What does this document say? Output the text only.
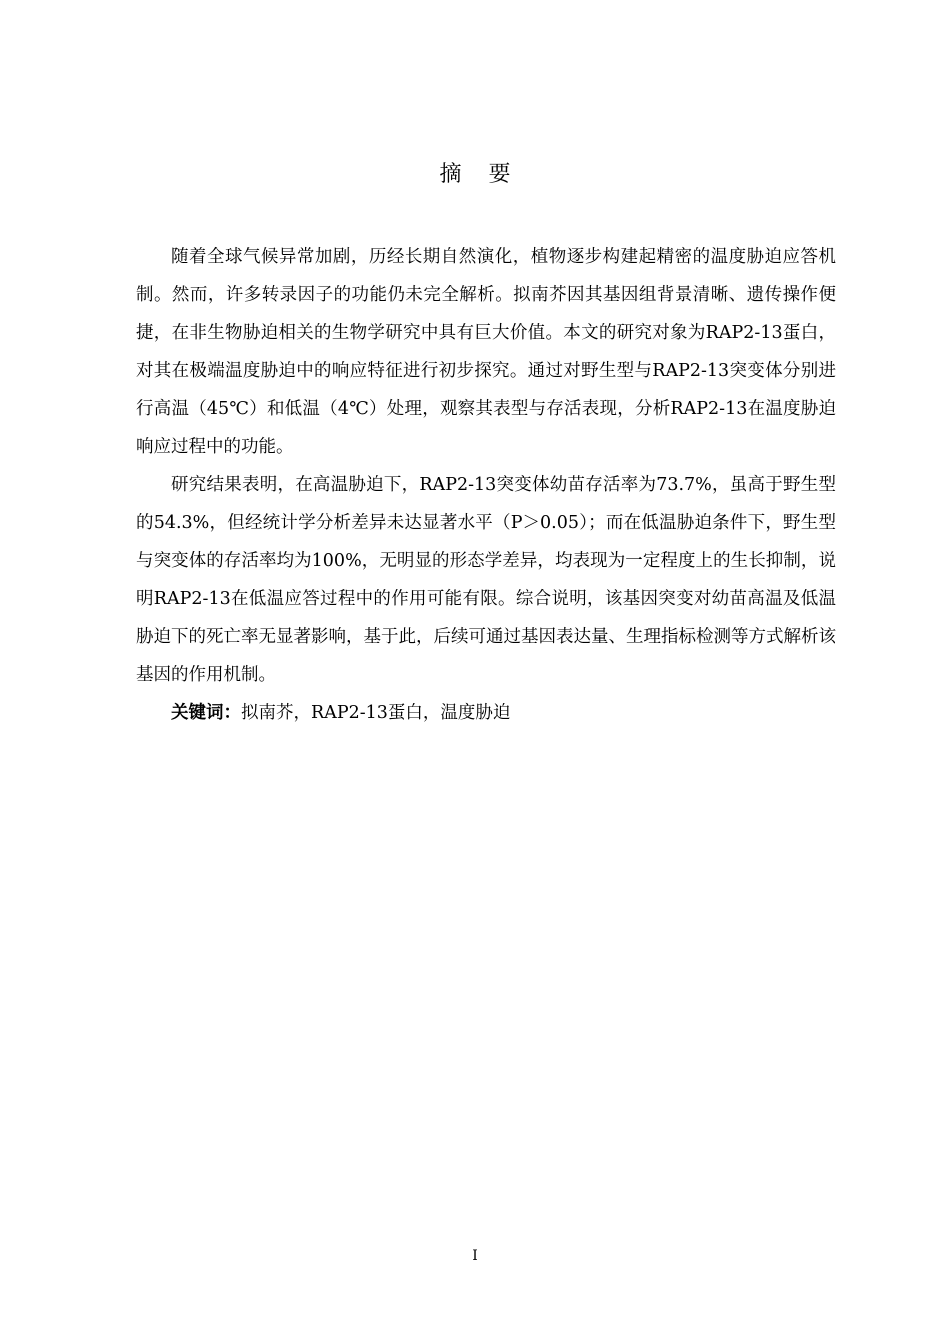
摘 要

随着全球气候异常加剧，历经长期自然演化，植物逐步构建起精密的温度胁迫应答机制。然而，许多转录因子的功能仍未完全解析。拟南芥因其基因组背景清晰、遗传操作便捷，在非生物胁迫相关的生物学研究中具有巨大价值。本文的研究对象为RAP2-13蛋白，对其在极端温度胁迫中的响应特征进行初步探究。通过对野生型与RAP2-13突变体分别进行高温（45℃）和低温（4℃）处理，观察其表型与存活表现，分析RAP2-13在温度胁迫响应过程中的功能。

研究结果表明，在高温胁迫下，RAP2-13突变体幼苗存活率为73.7%，虽高于野生型的54.3%，但经统计学分析差异未达显著水平（P＞0.05）；而在低温胁迫条件下，野生型与突变体的存活率均为100%，无明显的形态学差异，均表现为一定程度上的生长抑制，说明RAP2-13在低温应答过程中的作用可能有限。综合说明，该基因突变对幼苗高温及低温胁迫下的死亡率无显著影响，基于此，后续可通过基因表达量、生理指标检测等方式解析该基因的作用机制。

关键词：拟南芥，RAP2-13蛋白，温度胁迫

I
